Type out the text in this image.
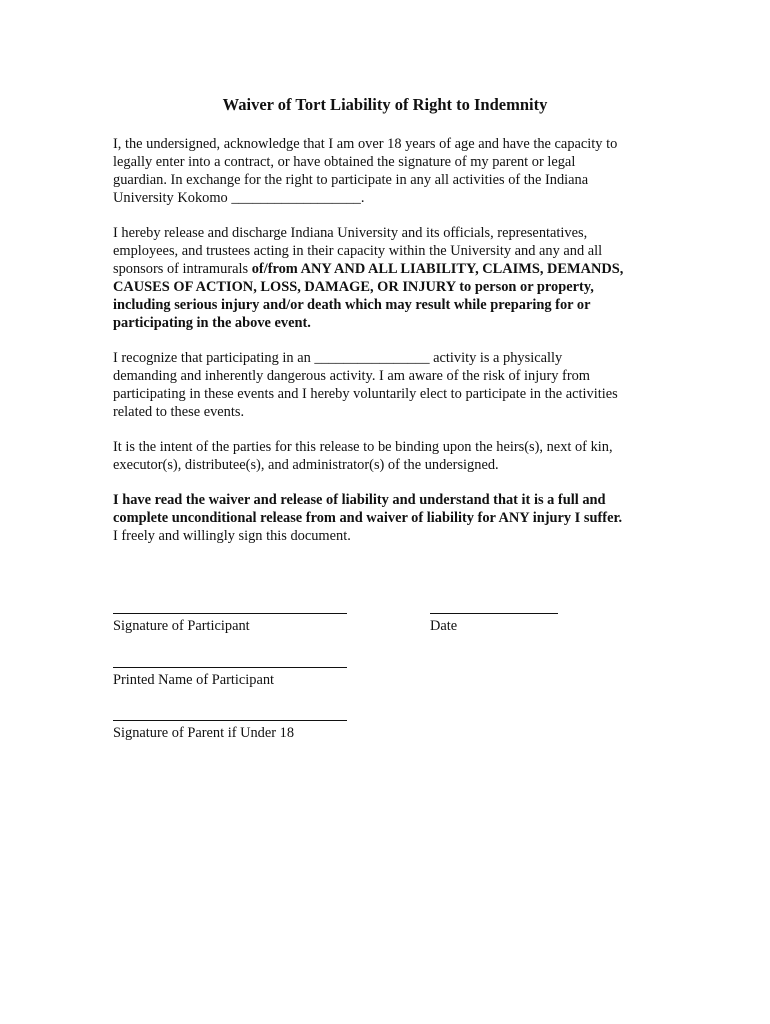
Waiver of Tort Liability of Right to Indemnity
I, the undersigned, acknowledge that I am over 18 years of age and have the capacity to
legally enter into a contract, or have obtained the signature of my parent or legal
guardian. In exchange for the right to participate in any all activities of the Indiana
University Kokomo __________________.
I hereby release and discharge Indiana University and its officials, representatives,
employees, and trustees acting in their capacity within the University and any and all
sponsors of intramurals of/from ANY AND ALL LIABILITY, CLAIMS, DEMANDS,
CAUSES OF ACTION, LOSS, DAMAGE, OR INJURY to person or property,
including serious injury and/or death which may result while preparing for or
participating in the above event.
I recognize that participating in an ________________ activity is a physically
demanding and inherently dangerous activity. I am aware of the risk of injury from
participating in these events and I hereby voluntarily elect to participate in the activities
related to these events.
It is the intent of the parties for this release to be binding upon the heirs(s), next of kin,
executor(s), distributee(s), and administrator(s) of the undersigned.
I have read the waiver and release of liability and understand that it is a full and
complete unconditional release from and waiver of liability for ANY injury I suffer.
I freely and willingly sign this document.
Signature of Participant	Date
Printed Name of Participant
Signature of Parent if Under 18
